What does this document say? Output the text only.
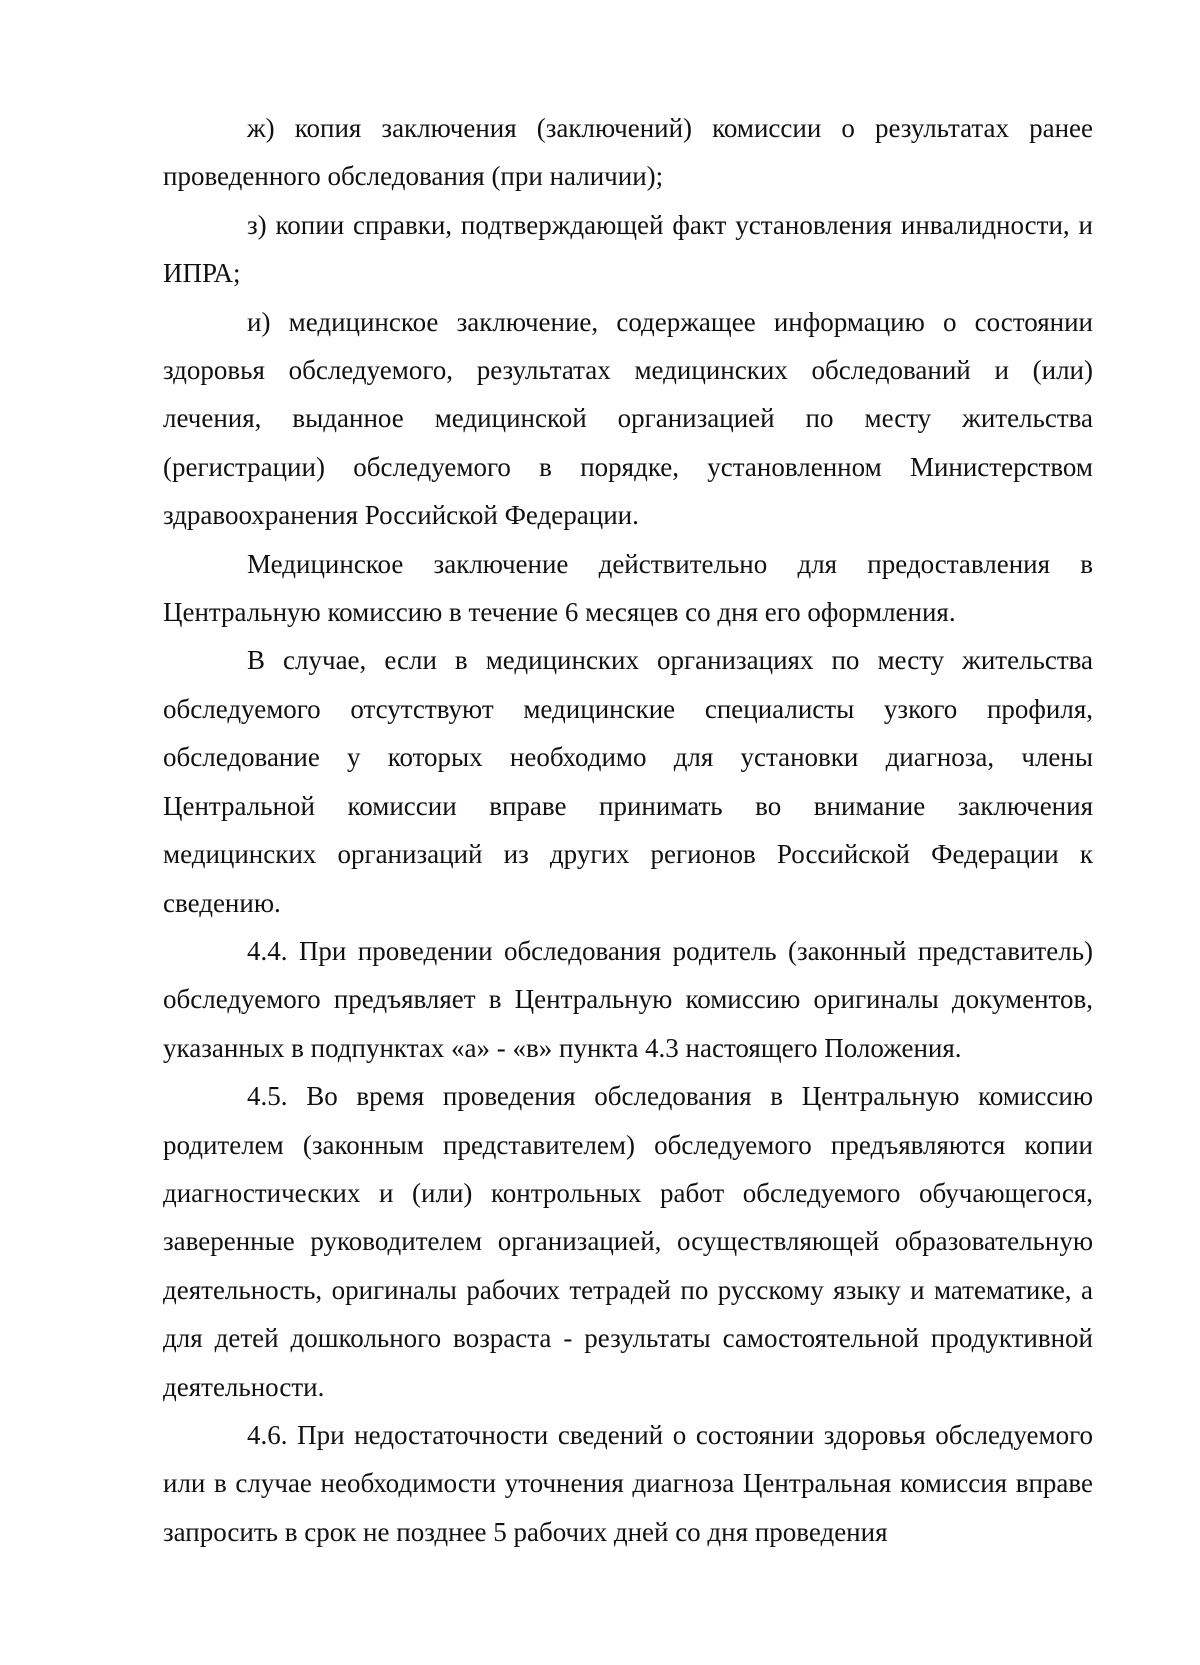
ж) копия заключения (заключений) комиссии о результатах ранее проведенного обследования (при наличии);

з) копии справки, подтверждающей факт установления инвалидности, и ИПРА;

и) медицинское заключение, содержащее информацию о состоянии здоровья обследуемого, результатах медицинских обследований и (или) лечения, выданное медицинской организацией по месту жительства (регистрации) обследуемого в порядке, установленном Министерством здравоохранения Российской Федерации.

Медицинское заключение действительно для предоставления в Центральную комиссию в течение 6 месяцев со дня его оформления.

В случае, если в медицинских организациях по месту жительства обследуемого отсутствуют медицинские специалисты узкого профиля, обследование у которых необходимо для установки диагноза, члены Центральной комиссии вправе принимать во внимание заключения медицинских организаций из других регионов Российской Федерации к сведению.

4.4. При проведении обследования родитель (законный представитель) обследуемого предъявляет в Центральную комиссию оригиналы документов, указанных в подпунктах «а» - «в» пункта 4.3 настоящего Положения.

4.5. Во время проведения обследования в Центральную комиссию родителем (законным представителем) обследуемого предъявляются копии диагностических и (или) контрольных работ обследуемого обучающегося, заверенные руководителем организацией, осуществляющей образовательную деятельность, оригиналы рабочих тетрадей по русскому языку и математике, а для детей дошкольного возраста - результаты самостоятельной продуктивной деятельности.

4.6. При недостаточности сведений о состоянии здоровья обследуемого или в случае необходимости уточнения диагноза Центральная комиссия вправе запросить в срок не позднее 5 рабочих дней со дня проведения
